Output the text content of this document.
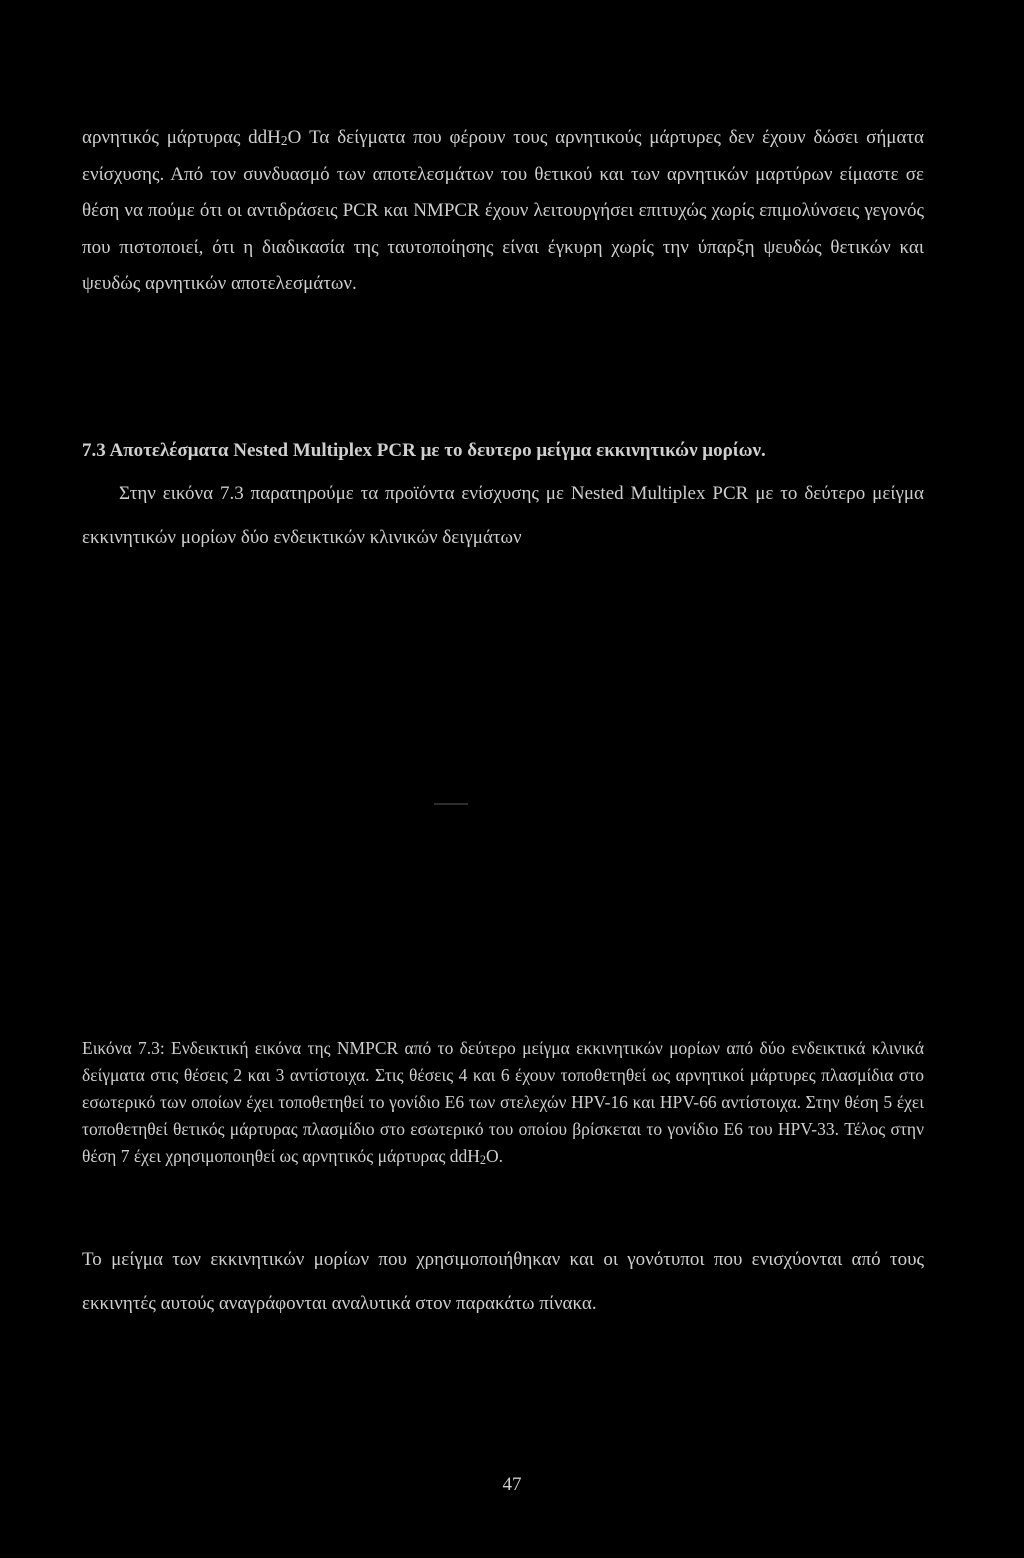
αρνητικός μάρτυρας ddH$_2$O Τα δείγματα που φέρουν τους αρνητικούς μάρτυρες δεν έχουν δώσει σήματα ενίσχυσης. Από τον συνδυασμό των αποτελεσμάτων του θετικού και των αρνητικών μαρτύρων είμαστε σε θέση να πούμε ότι οι αντιδράσεις PCR και NMPCR έχουν λειτουργήσει επιτυχώς χωρίς επιμολύνσεις γεγονός που πιστοποιεί, ότι η διαδικασία της ταυτοποίησης είναι έγκυρη χωρίς την ύπαρξη ψευδώς θετικών και ψευδώς αρνητικών αποτελεσμάτων.

7.3 Αποτελέσματα Nested Multiplex PCR με το δευτερο μείγμα εκκινητικών μορίων.

Στην εικόνα 7.3 παρατηρούμε τα προϊόντα ενίσχυσης με Nested Multiplex PCR με το δεύτερο μείγμα εκκινητικών μορίων δύο ενδεικτικών κλινικών δειγμάτων

Εικόνα 7.3: Ενδεικτική εικόνα της NMPCR από το δεύτερο μείγμα εκκινητικών μορίων από δύο ενδεικτικά κλινικά δείγματα στις θέσεις 2 και 3 αντίστοιχα. Στις θέσεις 4 και 6 έχουν τοποθετηθεί ως αρνητικοί μάρτυρες πλασμίδια στο εσωτερικό των οποίων έχει τοποθετηθεί το γονίδιο Ε6 των στελεχών HPV-16 και HPV-66 αντίστοιχα. Στην θέση 5 έχει τοποθετηθεί θετικός μάρτυρας πλασμίδιο στο εσωτερικό του οποίου βρίσκεται το γονίδιο Ε6 του HPV-33. Τέλος στην θέση 7 έχει χρησιμοποιηθεί ως αρνητικός μάρτυρας ddH$_2$O.

Το μείγμα των εκκινητικών μορίων που χρησιμοποιήθηκαν και οι γονότυποι που ενισχύονται από τους εκκινητές αυτούς αναγράφονται αναλυτικά στον παρακάτω πίνακα.

47
